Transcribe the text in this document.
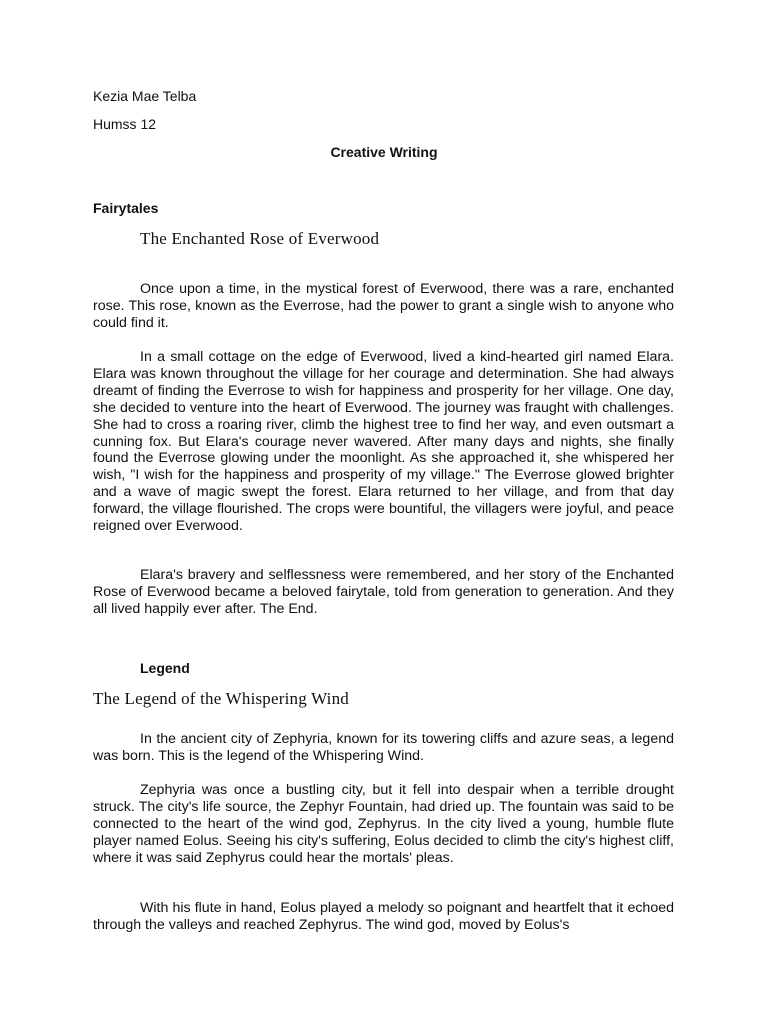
Kezia Mae Telba

Humss 12

Creative Writing

Fairytales

The Enchanted Rose of Everwood

Once upon a time, in the mystical forest of Everwood, there was a rare, enchanted rose. This rose, known as the Everrose, had the power to grant a single wish to anyone who could find it.

In a small cottage on the edge of Everwood, lived a kind-hearted girl named Elara. Elara was known throughout the village for her courage and determination. She had always dreamt of finding the Everrose to wish for happiness and prosperity for her village. One day, she decided to venture into the heart of Everwood. The journey was fraught with challenges. She had to cross a roaring river, climb the highest tree to find her way, and even outsmart a cunning fox. But Elara's courage never wavered. After many days and nights, she finally found the Everrose glowing under the moonlight. As she approached it, she whispered her wish, "I wish for the happiness and prosperity of my village." The Everrose glowed brighter and a wave of magic swept the forest. Elara returned to her village, and from that day forward, the village flourished. The crops were bountiful, the villagers were joyful, and peace reigned over Everwood.

Elara's bravery and selflessness were remembered, and her story of the Enchanted Rose of Everwood became a beloved fairytale, told from generation to generation. And they all lived happily ever after. The End.

Legend

The Legend of the Whispering Wind

In the ancient city of Zephyria, known for its towering cliffs and azure seas, a legend was born. This is the legend of the Whispering Wind.

Zephyria was once a bustling city, but it fell into despair when a terrible drought struck. The city's life source, the Zephyr Fountain, had dried up. The fountain was said to be connected to the heart of the wind god, Zephyrus. In the city lived a young, humble flute player named Eolus. Seeing his city's suffering, Eolus decided to climb the city's highest cliff, where it was said Zephyrus could hear the mortals' pleas.

With his flute in hand, Eolus played a melody so poignant and heartfelt that it echoed through the valleys and reached Zephyrus. The wind god, moved by Eolus's
